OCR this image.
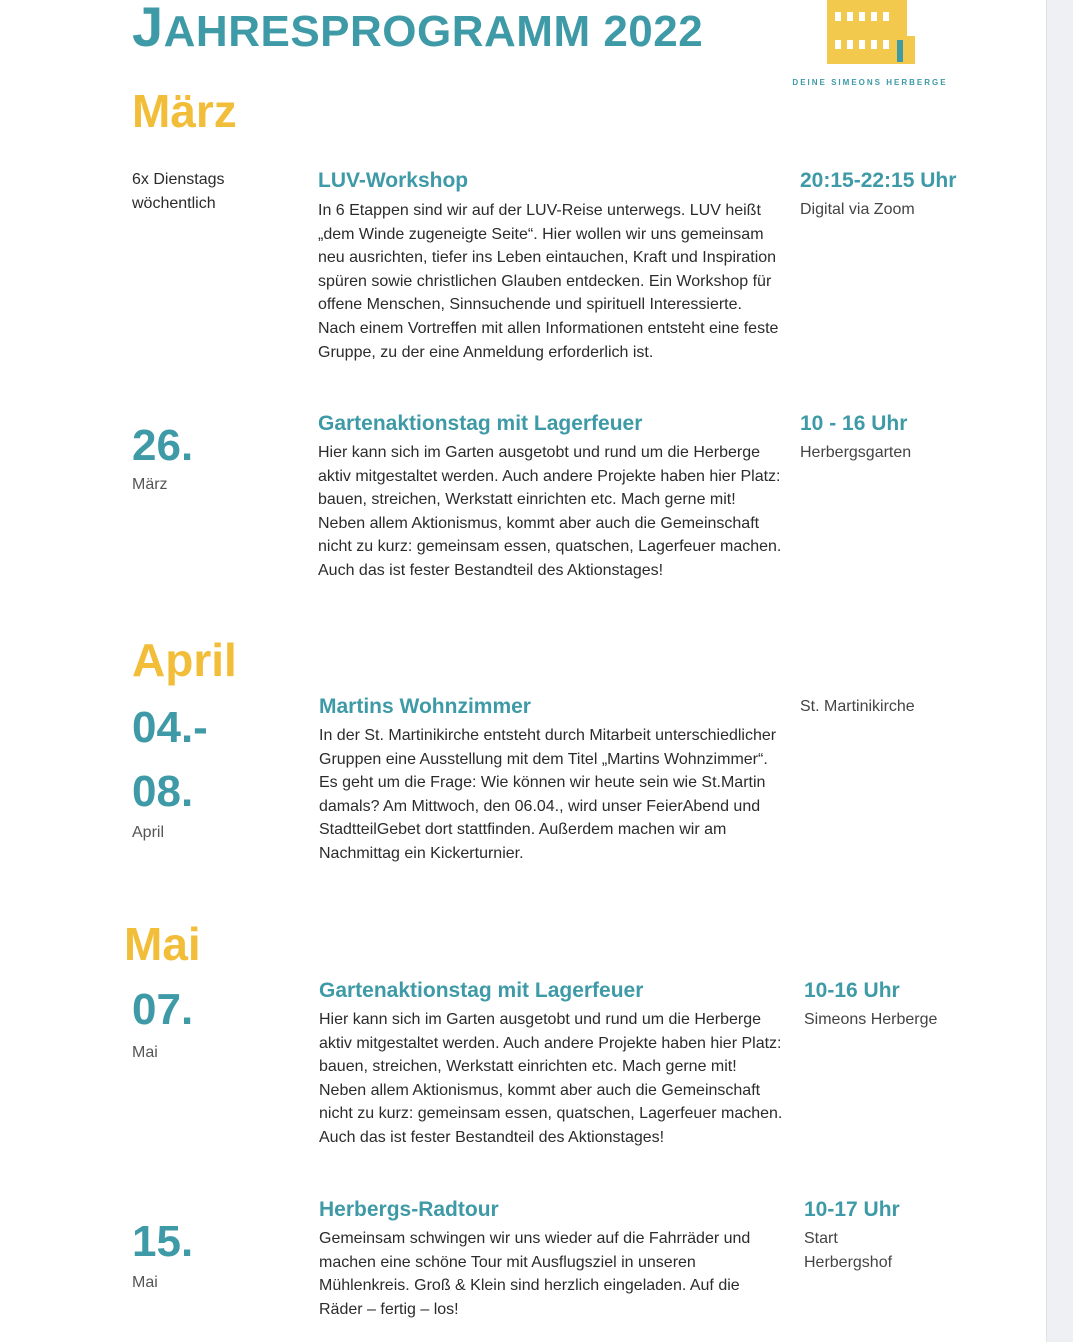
JAHRESPROGRAMM 2022
DEINE SIMEONS HERBERGE
März
6x Dienstags
wöchentlich
LUV-Workshop
In 6 Etappen sind wir auf der LUV-Reise unterwegs. LUV heißt „dem Winde zugeneigte Seite“. Hier wollen wir uns gemeinsam neu ausrichten, tiefer ins Leben eintauchen, Kraft und Inspiration spüren sowie christlichen Glauben entdecken. Ein Workshop für offene Menschen, Sinnsuchende und spirituell Interessierte. Nach einem Vortreffen mit allen Informationen entsteht eine feste Gruppe, zu der eine Anmeldung erforderlich ist.
20:15-22:15 Uhr
Digital via Zoom
26.
März
Gartenaktionstag mit Lagerfeuer
Hier kann sich im Garten ausgetobt und rund um die Herberge aktiv mitgestaltet werden. Auch andere Projekte haben hier Platz: bauen, streichen, Werkstatt einrichten etc. Mach gerne mit! Neben allem Aktionismus, kommt aber auch die Gemeinschaft nicht zu kurz: gemeinsam essen, quatschen, Lagerfeuer machen. Auch das ist fester Bestandteil des Aktionstages!
10 - 16 Uhr
Herbergsgarten
April
04.-
08.
April
Martins Wohnzimmer
In der St. Martinikirche entsteht durch Mitarbeit unterschiedlicher Gruppen eine Ausstellung mit dem Titel „Martins Wohnzimmer“. Es geht um die Frage: Wie können wir heute sein wie St.Martin damals? Am Mittwoch, den 06.04., wird unser FeierAbend und StadtteilGebet dort stattfinden. Außerdem machen wir am Nachmittag ein Kickerturnier.
St. Martinikirche
Mai
07.
Mai
Gartenaktionstag mit Lagerfeuer
Hier kann sich im Garten ausgetobt und rund um die Herberge aktiv mitgestaltet werden. Auch andere Projekte haben hier Platz: bauen, streichen, Werkstatt einrichten etc. Mach gerne mit! Neben allem Aktionismus, kommt aber auch die Gemeinschaft nicht zu kurz: gemeinsam essen, quatschen, Lagerfeuer machen. Auch das ist fester Bestandteil des Aktionstages!
10-16 Uhr
Simeons Herberge
15.
Mai
Herbergs-Radtour
Gemeinsam schwingen wir uns wieder auf die Fahrräder und machen eine schöne Tour mit Ausflugsziel in unseren Mühlenkreis. Groß & Klein sind herzlich eingeladen. Auf die Räder – fertig – los!
10-17 Uhr
Start Herbergshof
